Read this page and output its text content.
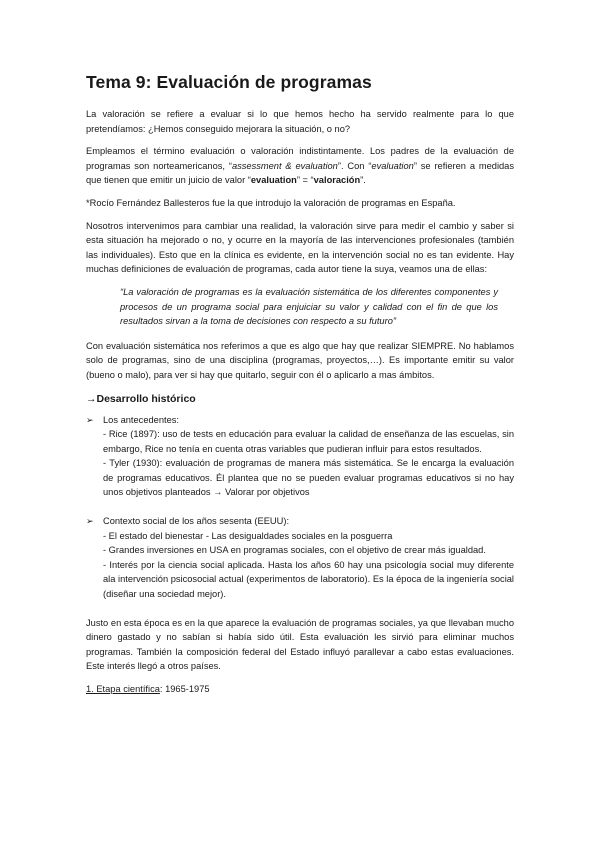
Tema 9: Evaluación de programas

La valoración se refiere a evaluar si lo que hemos hecho ha servido realmente para lo que pretendíamos: ¿Hemos conseguido mejorara la situación, o no?

Empleamos el término evaluación o valoración indistintamente. Los padres de la evaluación de programas son norteamericanos, “assessment & evaluation”. Con “evaluation” se refieren a medidas que tienen que emitir un juicio de valor “evaluation” = “valoración”.

*Rocío Fernández Ballesteros fue la que introdujo la valoración de programas en España.

Nosotros intervenimos para cambiar una realidad, la valoración sirve para medir el cambio y saber si esta situación ha mejorado o no, y ocurre en la mayoría de las intervenciones profesionales (también las individuales). Esto que en la clínica es evidente, en la intervención social no es tan evidente. Hay muchas definiciones de evaluación de programas, cada autor tiene la suya, veamos una de ellas:

“La valoración de programas es la evaluación sistemática de los diferentes componentes y procesos de un programa social para enjuiciar su valor y calidad con el fin de que los resultados sirvan a la toma de decisiones con respecto a su futuro”

Con evaluación sistemática nos referimos a que es algo que hay que realizar SIEMPRE. No hablamos solo de programas, sino de una disciplina (programas, proyectos,…). Es importante emitir su valor (bueno o malo), para ver si hay que quitarlo, seguir con él o aplicarlo a mas ámbitos.

→Desarrollo histórico
➢ Los antecedentes:

- Rice (1897): uso de tests en educación para evaluar la calidad de enseñanza de las escuelas, sin embargo, Rice no tenía en cuenta otras variables que pudieran influir para estos resultados.

- Tyler (1930): evaluación de programas de manera más sistemática. Se le encarga la evaluación de programas educativos. Él plantea que no se pueden evaluar programas educativos si no hay unos objetivos planteados → Valorar por objetivos

➢ Contexto social de los años sesenta (EEUU):

- El estado del bienestar - Las desigualdades sociales en la posguerra

- Grandes inversiones en USA en programas sociales, con el objetivo de crear más igualdad.

- Interés por la ciencia social aplicada. Hasta los años 60 hay una psicología social muy diferente ala intervención psicosocial actual (experimentos de laboratorio). Es la época de la ingeniería social (diseñar una sociedad mejor).

Justo en esta época es en la que aparece la evaluación de programas sociales, ya que llevaban mucho dinero gastado y no sabían si había sido útil. Esta evaluación les sirvió para eliminar muchos programas. También la composición federal del Estado influyó parallevar a cabo estas evaluaciones. Este interés llegó a otros países.

1. Etapa científica: 1965-1975
